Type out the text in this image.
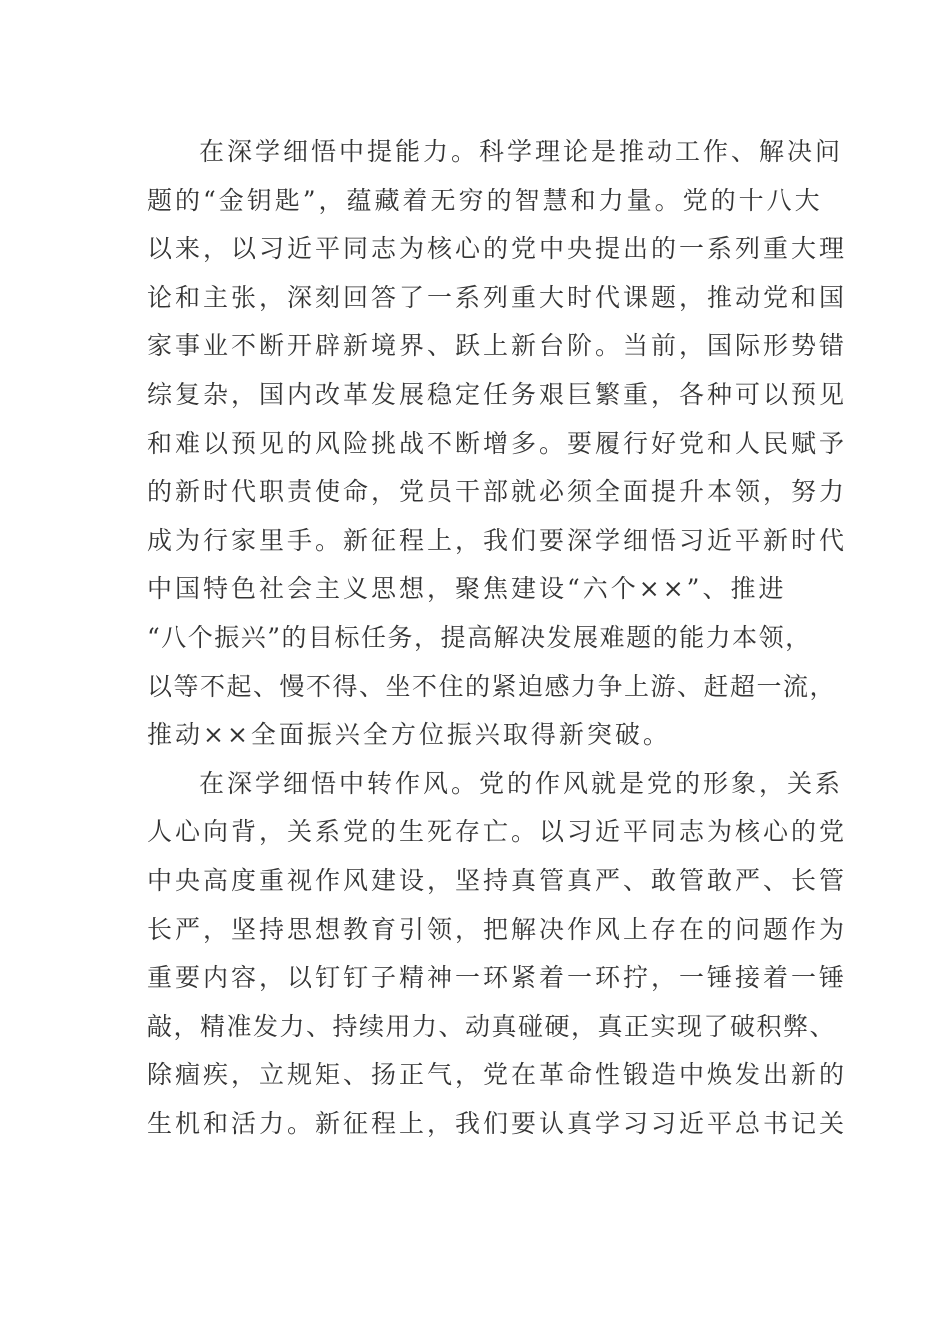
在深学细悟中提能力。科学理论是推动工作、解决问
题的“金钥匙”，蕴藏着无穷的智慧和力量。党的十八大
以来，以习近平同志为核心的党中央提出的一系列重大理
论和主张，深刻回答了一系列重大时代课题，推动党和国
家事业不断开辟新境界、跃上新台阶。当前，国际形势错
综复杂，国内改革发展稳定任务艰巨繁重，各种可以预见
和难以预见的风险挑战不断增多。要履行好党和人民赋予
的新时代职责使命，党员干部就必须全面提升本领，努力
成为行家里手。新征程上，我们要深学细悟习近平新时代
中国特色社会主义思想，聚焦建设“六个××”、推进
“八个振兴”的目标任务，提高解决发展难题的能力本领，
以等不起、慢不得、坐不住的紧迫感力争上游、赶超一流，
推动××全面振兴全方位振兴取得新突破。
在深学细悟中转作风。党的作风就是党的形象，关系
人心向背，关系党的生死存亡。以习近平同志为核心的党
中央高度重视作风建设，坚持真管真严、敢管敢严、长管
长严，坚持思想教育引领，把解决作风上存在的问题作为
重要内容，以钉钉子精神一环紧着一环拧，一锤接着一锤
敲，精准发力、持续用力、动真碰硬，真正实现了破积弊、
除痼疾，立规矩、扬正气，党在革命性锻造中焕发出新的
生机和活力。新征程上，我们要认真学习习近平总书记关
